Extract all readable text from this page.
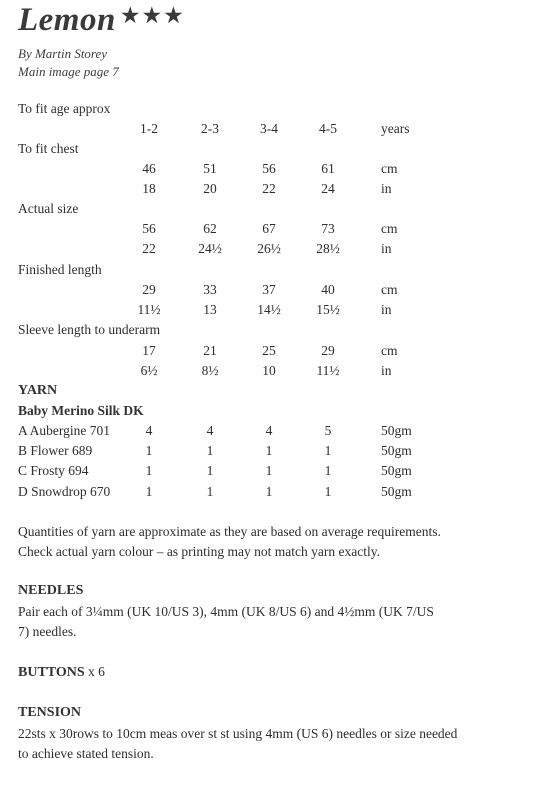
Lemon ★★★
By Martin Storey
Main image page 7
To fit age approx
1-2	2-3	3-4	4-5	years
To fit chest
46	51	56	61	cm
18	20	22	24	in
Actual size
56	62	67	73	cm
22	24½	26½	28½	in
Finished length
29	33	37	40	cm
11½	13	14½	15½	in
Sleeve length to underarm
17	21	25	29	cm
6½	8½	10	11½	in
YARN
Baby Merino Silk DK
A Aubergine 701	4	4	4	5	50gm
B Flower 689	1	1	1	1	50gm
C Frosty 694	1	1	1	1	50gm
D Snowdrop 670	1	1	1	1	50gm
Quantities of yarn are approximate as they are based on average requirements.
Check actual yarn colour – as printing may not match yarn exactly.
NEEDLES
Pair each of 3¼mm (UK 10/US 3), 4mm (UK 8/US 6) and 4½mm (UK 7/US
7) needles.
BUTTONS x 6
TENSION
22sts x 30rows to 10cm meas over st st using 4mm (US 6) needles or size needed
to achieve stated tension.
